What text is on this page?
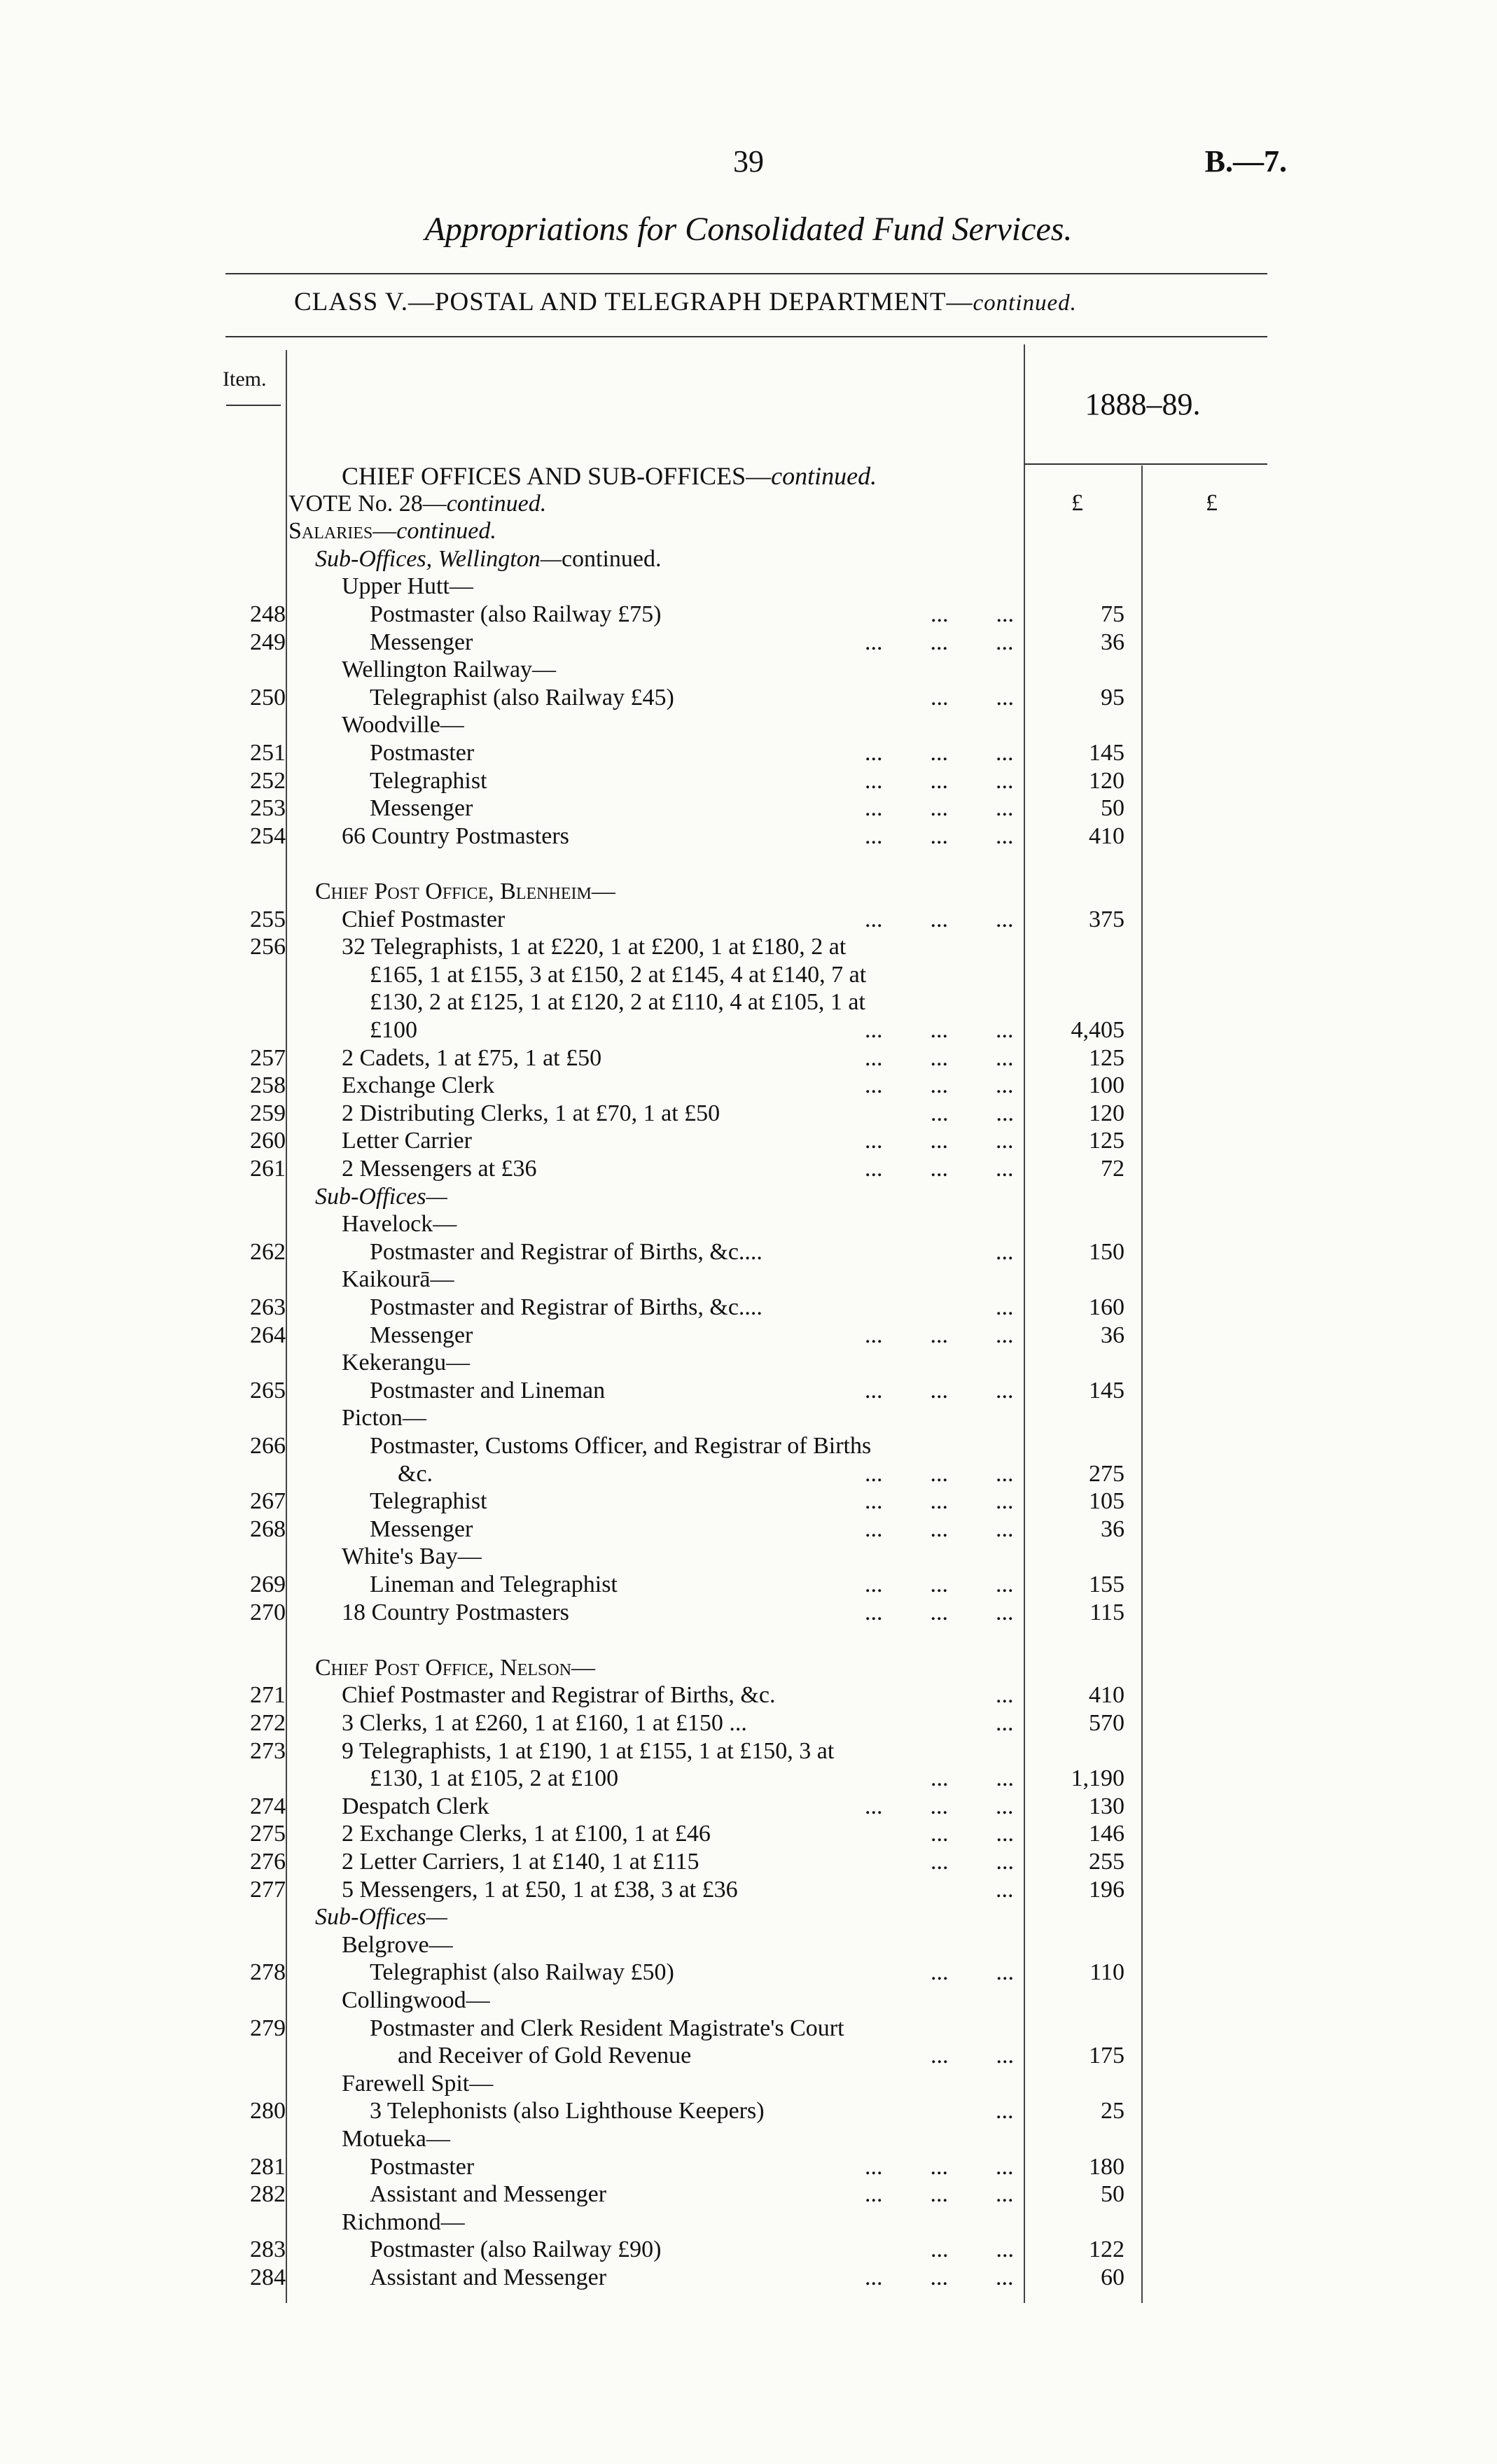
39	B.—7.
Appropriations for Consolidated Fund Services.
CLASS V.—POSTAL AND TELEGRAPH DEPARTMENT—continued.
Item.
1888–89.
£	£
CHIEF OFFICES AND SUB-OFFICES—continued.
VOTE No. 28—continued.
Salaries—continued.
Sub-Offices, Wellington—continued.
Upper Hutt—
248	Postmaster (also Railway £75)	...        ...	75
249	Messenger	...        ...        ...	36
Wellington Railway—
250	Telegraphist (also Railway £45)	...        ...	95
Woodville—
251	Postmaster	...        ...        ...	145
252	Telegraphist	...        ...        ...	120
253	Messenger	...        ...        ...	50
254 66 Country Postmasters	...        ...        ...	410
Chief Post Office, Blenheim—
255 Chief Postmaster	...        ...        ...	375
256 32 Telegraphists, 1 at £220, 1 at £200, 1 at £180, 2 at
£165, 1 at £155, 3 at £150, 2 at £145, 4 at £140, 7 at
£130, 2 at £125, 1 at £120, 2 at £110, 4 at £105, 1 at
£100	...        ...        ...	4,405
257 2 Cadets, 1 at £75, 1 at £50	...        ...        ...	125
258 Exchange Clerk	...        ...        ...	100
259 2 Distributing Clerks, 1 at £70, 1 at £50	...        ...	120
260 Letter Carrier	...        ...        ...	125
261 2 Messengers at £36	...        ...        ...	72
Sub-Offices—
Havelock—
262	Postmaster and Registrar of Births, &c....	...	150
Kaikourā—
263	Postmaster and Registrar of Births, &c....	...	160
264	Messenger	...        ...        ...	36
Kekerangu—
265	Postmaster and Lineman	...        ...        ...	145
Picton—
266	Postmaster, Customs Officer, and Registrar of Births
&c.	...        ...        ...	275
267	Telegraphist	...        ...        ...	105
268	Messenger	...        ...        ...	36
White's Bay—
269	Lineman and Telegraphist	...        ...        ...	155
270 18 Country Postmasters	...        ...        ...	115
Chief Post Office, Nelson—
271 Chief Postmaster and Registrar of Births, &c.	...	410
272 3 Clerks, 1 at £260, 1 at £160, 1 at £150 ...	...	570
273 9 Telegraphists, 1 at £190, 1 at £155, 1 at £150, 3 at
£130, 1 at £105, 2 at £100	...        ...	1,190
274 Despatch Clerk	...        ...        ...	130
275 2 Exchange Clerks, 1 at £100, 1 at £46	...        ...	146
276 2 Letter Carriers, 1 at £140, 1 at £115	...        ...	255
277 5 Messengers, 1 at £50, 1 at £38, 3 at £36	...	196
Sub-Offices—
Belgrove—
278	Telegraphist (also Railway £50)	...        ...	110
Collingwood—
279	Postmaster and Clerk Resident Magistrate's Court
and Receiver of Gold Revenue	...        ...	175
Farewell Spit—
280	3 Telephonists (also Lighthouse Keepers)	...	25
Motueka—
281	Postmaster	...        ...        ...	180
282	Assistant and Messenger	...        ...        ...	50
Richmond—
283	Postmaster (also Railway £90)	...        ...	122
284	Assistant and Messenger	...        ...        ...	60
